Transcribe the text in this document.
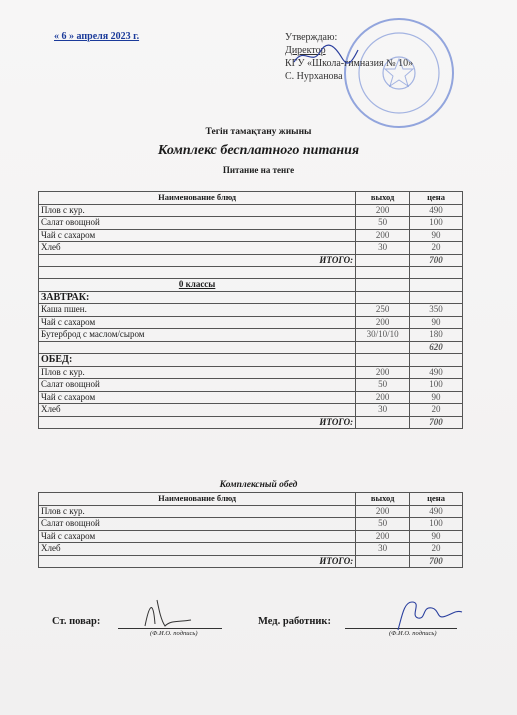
« 6 » апреля 2023 г.	Утверждаю:
Директор
КГУ «Школа-гимназия № 10»
С. Нурханова
Тегін тамақтану жиыны
Комплекс бесплатного питания
Питание на тенге
Наименование блюд	выход	цена
Плов с кур.	200	490
Салат овощной	50	100
Чай с сахаром	200	90
Хлеб	30	20
ИТОГО:		700

0 классы		
ЗАВТРАК:		
Каша пшен.	250	350
Чай с сахаром	200	90
Бутерброд с маслом/сыром	30/10/10	180
		620
ОБЕД:		
Плов с кур.	200	490
Салат овощной	50	100
Чай с сахаром	200	90
Хлеб	30	20
ИТОГО:		700
Комплексный обед
Наименование блюд	выход	цена
Плов с кур.	200	490
Салат овощной	50	100
Чай с сахаром	200	90
Хлеб	30	20
ИТОГО:		700
Ст. повар:
(Ф.И.О. подпись)
Мед. работник:
(Ф.И.О. подпись)
